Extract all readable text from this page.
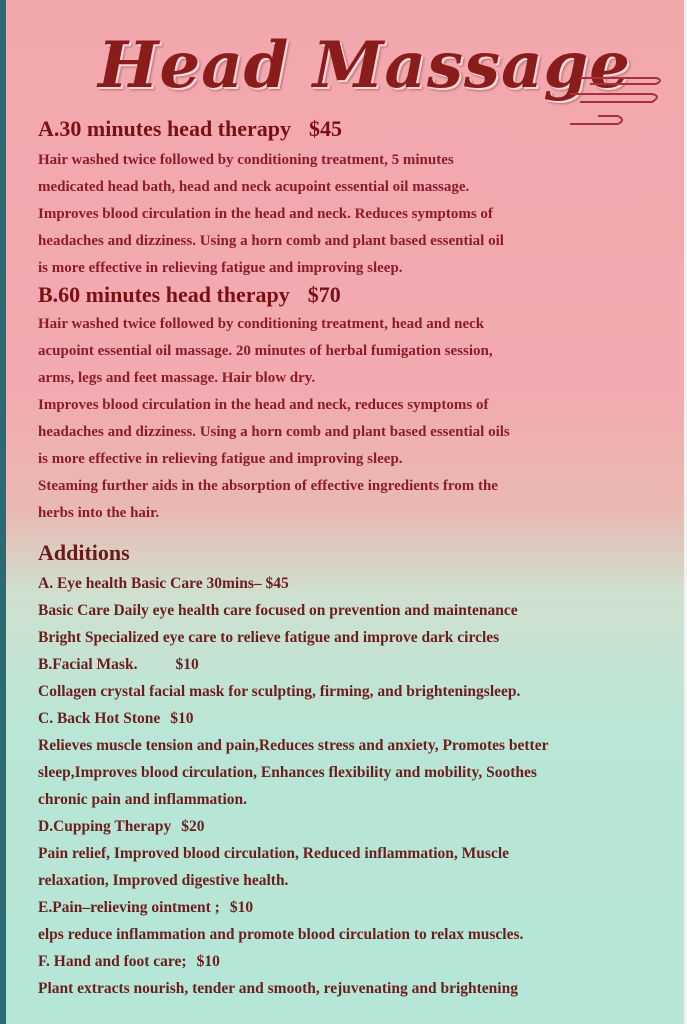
Head Massage

A.30 minutes head therapy $45

Hair washed twice followed by conditioning treatment, 5 minutes

medicated head bath, head and neck acupoint essential oil massage.

Improves blood circulation in the head and neck. Reduces symptoms of

headaches and dizziness. Using a horn comb and plant based essential oil

is more effective in relieving fatigue and improving sleep.

B.60 minutes head therapy $70

Hair washed twice followed by conditioning treatment, head and neck

acupoint essential oil massage. 20 minutes of herbal fumigation session,

arms, legs and feet massage. Hair blow dry.

Improves blood circulation in the head and neck, reduces symptoms of

headaches and dizziness. Using a horn comb and plant based essential oils

is more effective in relieving fatigue and improving sleep.

Steaming further aids in the absorption of effective ingredients from the

herbs into the hair.

Additions

A. Eye health Basic Care 30mins– $45

Basic Care Daily eye health care focused on prevention and maintenance

Bright Specialized eye care to relieve fatigue and improve dark circles

B.Facial Mask. $10

Collagen crystal facial mask for sculpting, firming, and brighteningsleep.

C. Back Hot Stone $10

Relieves muscle tension and pain,Reduces stress and anxiety, Promotes better

sleep,Improves blood circulation, Enhances flexibility and mobility, Soothes

chronic pain and inflammation.

D.Cupping Therapy $20

Pain relief, Improved blood circulation, Reduced inflammation, Muscle

relaxation, Improved digestive health.

E.Pain–relieving ointment ; $10

elps reduce inflammation and promote blood circulation to relax muscles.

F. Hand and foot care; $10

Plant extracts nourish, tender and smooth, rejuvenating and brightening
